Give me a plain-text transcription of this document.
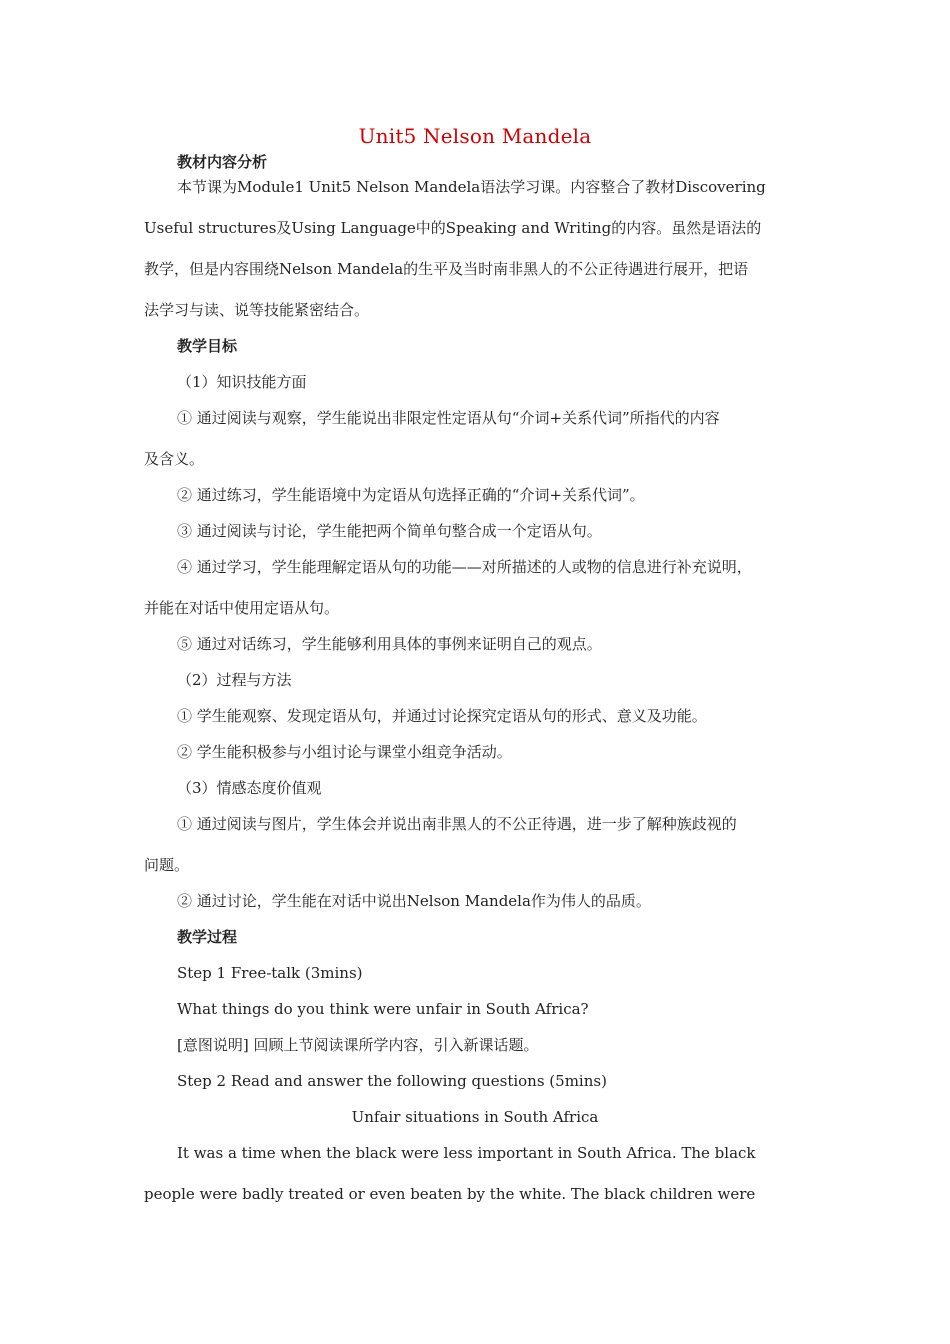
Unit5 Nelson Mandela
教材内容分析
本节课为Module1 Unit5 Nelson Mandela语法学习课。内容整合了教材Discovering
Useful structures及Using Language中的Speaking and Writing的内容。虽然是语法的
教学，但是内容围绕Nelson Mandela的生平及当时南非黑人的不公正待遇进行展开，把语
法学习与读、说等技能紧密结合。
教学目标
（1）知识技能方面
① 通过阅读与观察，学生能说出非限定性定语从句“介词+关系代词”所指代的内容
及含义。
② 通过练习，学生能语境中为定语从句选择正确的“介词+关系代词”。
③ 通过阅读与讨论，学生能把两个简单句整合成一个定语从句。
④ 通过学习，学生能理解定语从句的功能——对所描述的人或物的信息进行补充说明，
并能在对话中使用定语从句。
⑤ 通过对话练习，学生能够利用具体的事例来证明自己的观点。
（2）过程与方法
① 学生能观察、发现定语从句，并通过讨论探究定语从句的形式、意义及功能。
② 学生能积极参与小组讨论与课堂小组竞争活动。
（3）情感态度价值观
① 通过阅读与图片，学生体会并说出南非黑人的不公正待遇，进一步了解种族歧视的
问题。
② 通过讨论，学生能在对话中说出Nelson Mandela作为伟人的品质。
教学过程
Step 1 Free-talk (3mins)
What things do you think were unfair in South Africa?
[意图说明] 回顾上节阅读课所学内容，引入新课话题。
Step 2 Read and answer the following questions (5mins)
Unfair situations in South Africa
It was a time when the black were less important in South Africa. The black
people were badly treated or even beaten by the white. The black children were
